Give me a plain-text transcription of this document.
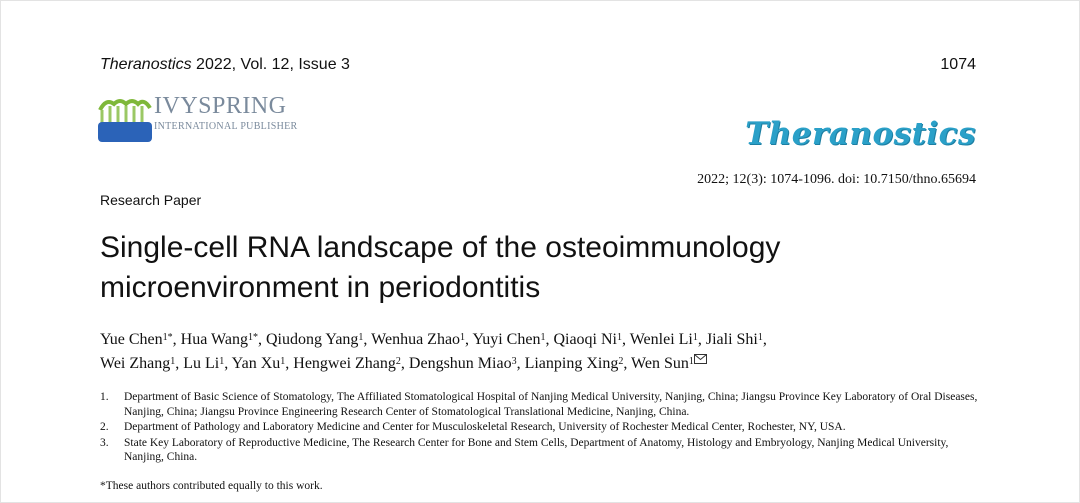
Theranostics 2022, Vol. 12, Issue 3	1074
IVYSPRING
INTERNATIONAL PUBLISHER	Theranostics
2022; 12(3): 1074-1096. doi: 10.7150/thno.65694
Research Paper
Single-cell RNA landscape of the osteoimmunology
microenvironment in periodontitis
Yue Chen$^{1*}$, Hua Wang$^{1*}$, Qiudong Yang$^1$, Wenhua Zhao$^1$, Yuyi Chen$^1$, Qiaoqi Ni$^1$, Wenlei Li$^1$, Jiali Shi$^1$,
Wei Zhang$^1$, Lu Li$^1$, Yan Xu$^1$, Hengwei Zhang$^2$, Dengshun Miao$^3$, Lianping Xing$^2$, Wen Sun$^1$
1.	Department of Basic Science of Stomatology, The Affiliated Stomatological Hospital of Nanjing Medical University, Nanjing, China; Jiangsu Province Key Laboratory of Oral Diseases, Nanjing, China; Jiangsu Province Engineering Research Center of Stomatological Translational Medicine, Nanjing, China.
2.	Department of Pathology and Laboratory Medicine and Center for Musculoskeletal Research, University of Rochester Medical Center, Rochester, NY, USA.
3.	State Key Laboratory of Reproductive Medicine, The Research Center for Bone and Stem Cells, Department of Anatomy, Histology and Embryology, Nanjing Medical University, Nanjing, China.
*These authors contributed equally to this work.
